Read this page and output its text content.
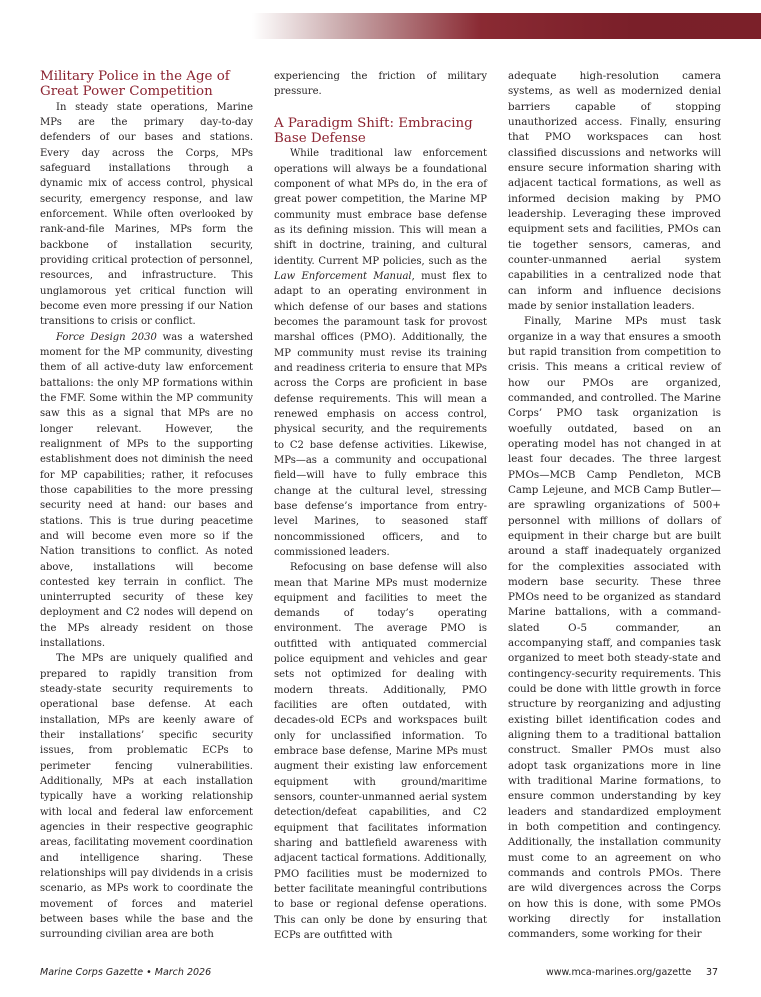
Military Police in the Age of Great Power Competition

In steady state operations, Marine MPs are the primary day-to-day defenders of our bases and stations. Every day across the Corps, MPs safeguard installations through a dynamic mix of access control, physical security, emergency response, and law enforcement. While often overlooked by rank-and-file Marines, MPs form the backbone of installation security, providing critical protection of personnel, resources, and infrastructure. This unglamorous yet critical function will become even more pressing if our Nation transitions to crisis or conflict.

Force Design 2030 was a watershed moment for the MP community, divesting them of all active-duty law enforcement battalions: the only MP formations within the FMF. Some within the MP community saw this as a signal that MPs are no longer relevant. However, the realignment of MPs to the supporting establishment does not diminish the need for MP capabilities; rather, it refocuses those capabilities to the more pressing security need at hand: our bases and stations. This is true during peacetime and will become even more so if the Nation transitions to conflict. As noted above, installations will become contested key terrain in conflict. The uninterrupted security of these key deployment and C2 nodes will depend on the MPs already resident on those installations.

The MPs are uniquely qualified and prepared to rapidly transition from steady-state security requirements to operational base defense. At each installation, MPs are keenly aware of their installations’ specific security issues, from problematic ECPs to perimeter fencing vulnerabilities. Additionally, MPs at each installation typically have a working relationship with local and federal law enforcement agencies in their respective geographic areas, facilitating movement coordination and intelligence sharing. These relationships will pay dividends in a crisis scenario, as MPs work to coordinate the movement of forces and materiel between bases while the base and the surrounding civilian area are both

experiencing the friction of military pressure.

A Paradigm Shift: Embracing Base Defense

While traditional law enforcement operations will always be a foundational component of what MPs do, in the era of great power competition, the Marine MP community must embrace base defense as its defining mission. This will mean a shift in doctrine, training, and cultural identity. Current MP policies, such as the Law Enforcement Manual, must flex to adapt to an operating environment in which defense of our bases and stations becomes the paramount task for provost marshal offices (PMO). Additionally, the MP community must revise its training and readiness criteria to ensure that MPs across the Corps are proficient in base defense requirements. This will mean a renewed emphasis on access control, physical security, and the requirements to C2 base defense activities. Likewise, MPs—as a community and occupational field—will have to fully embrace this change at the cultural level, stressing base defense’s importance from entry-level Marines, to seasoned staff noncommissioned officers, and to commissioned leaders.

Refocusing on base defense will also mean that Marine MPs must modernize equipment and facilities to meet the demands of today’s operating environment. The average PMO is outfitted with antiquated commercial police equipment and vehicles and gear sets not optimized for dealing with modern threats. Additionally, PMO facilities are often outdated, with decades-old ECPs and workspaces built only for unclassified information. To embrace base defense, Marine MPs must augment their existing law enforcement equipment with ground/maritime sensors, counter-unmanned aerial system detection/defeat capabilities, and C2 equipment that facilitates information sharing and battlefield awareness with adjacent tactical formations. Additionally, PMO facilities must be modernized to better facilitate meaningful contributions to base or regional defense operations. This can only be done by ensuring that ECPs are outfitted with

adequate high-resolution camera systems, as well as modernized denial barriers capable of stopping unauthorized access. Finally, ensuring that PMO workspaces can host classified discussions and networks will ensure secure information sharing with adjacent tactical formations, as well as informed decision making by PMO leadership. Leveraging these improved equipment sets and facilities, PMOs can tie together sensors, cameras, and counter-unmanned aerial system capabilities in a centralized node that can inform and influence decisions made by senior installation leaders.

Finally, Marine MPs must task organize in a way that ensures a smooth but rapid transition from competition to crisis. This means a critical review of how our PMOs are organized, commanded, and controlled. The Marine Corps’ PMO task organization is woefully outdated, based on an operating model has not changed in at least four decades. The three largest PMOs—MCB Camp Pendleton, MCB Camp Lejeune, and MCB Camp Butler—are sprawling organizations of 500+ personnel with millions of dollars of equipment in their charge but are built around a staff inadequately organized for the complexities associated with modern base security. These three PMOs need to be organized as standard Marine battalions, with a command-slated O-5 commander, an accompanying staff, and companies task organized to meet both steady-state and contingency-security requirements. This could be done with little growth in force structure by reorganizing and adjusting existing billet identification codes and aligning them to a traditional battalion construct. Smaller PMOs must also adopt task organizations more in line with traditional Marine formations, to ensure common understanding by key leaders and standardized employment in both competition and contingency. Additionally, the installation community must come to an agreement on who commands and controls PMOs. There are wild divergences across the Corps on how this is done, with some PMOs working directly for installation commanders, some working for their

Marine Corps Gazette • March 2026	www.mca-marines.org/gazette 37
